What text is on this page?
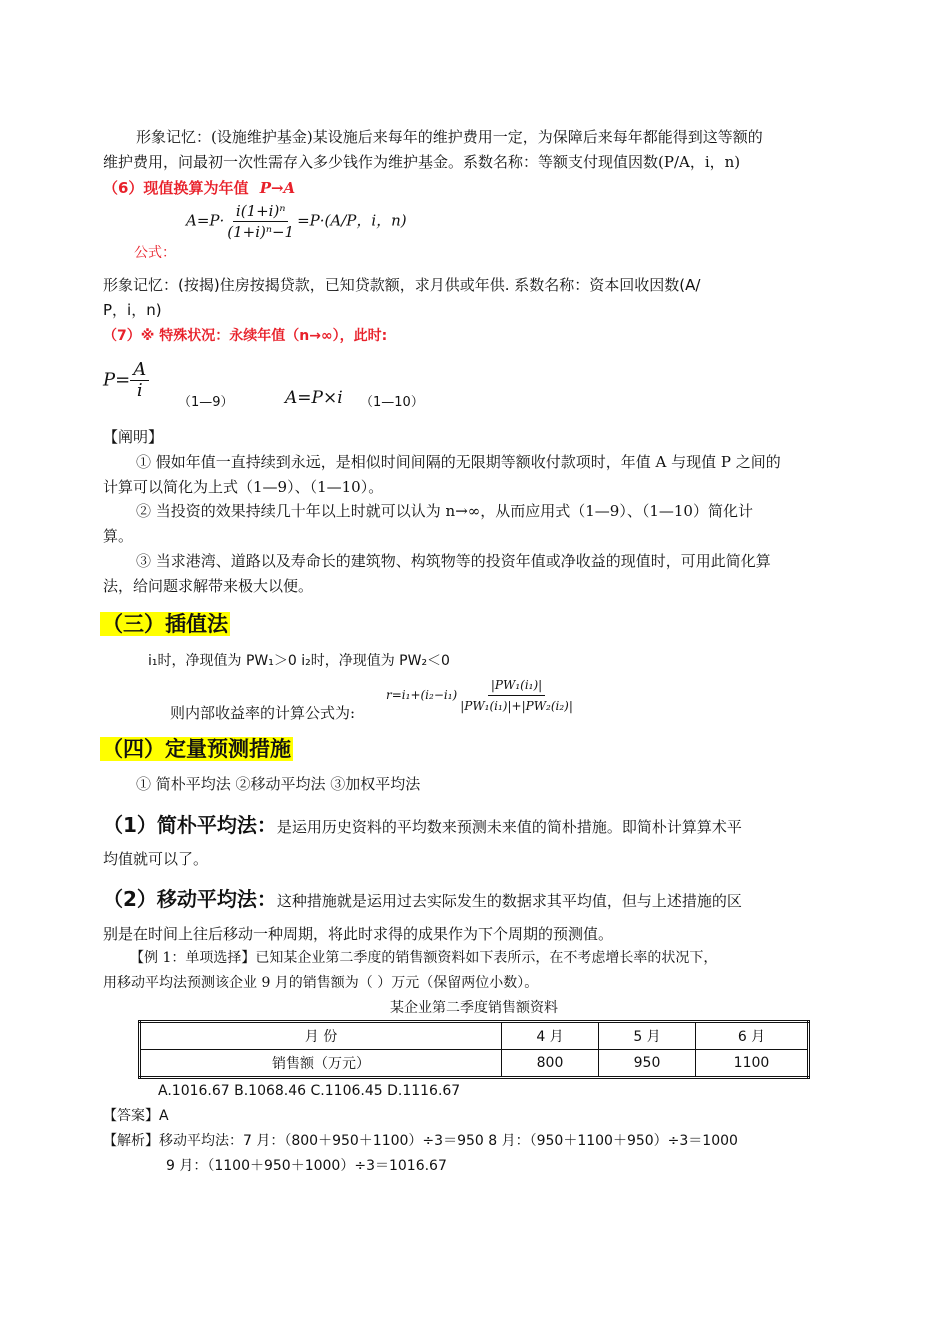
形象记忆：(设施维护基金)某设施后来每年的维护费用一定，为保障后来每年都能得到这等额的
维护费用，问最初一次性需存入多少钱作为维护基金。系数名称：等额支付现值因数(P/A，i，n)
（6）现值换算为年值 P→A
$A=P\cdot \frac{\text{i(1+i)ⁿ}}{\text{(1+i)ⁿ−1}} =P\cdot(A/P$，i，n)
公式：
形象记忆：(按揭)住房按揭贷款，已知贷款额，求月供或年供. 系数名称：资本回收因数(A/
P，i，n)
（7）※ 特殊状况：永续年值（n→∞），此时:
$P= \frac{A}{i}$
（1—9）	A=P×i （1—10）
【阐明】
① 假如年值一直持续到永远，是相似时间间隔的无限期等额收付款项时，年值 A 与现值 P 之间的
计算可以简化为上式（1—9）、（1—10）。
② 当投资的效果持续几十年以上时就可以认为 n→∞，从而应用式（1—9）、（1—10）简化计
算。
③ 当求港湾、道路以及寿命长的建筑物、构筑物等的投资年值或净收益的现值时，可用此简化算
法，给问题求解带来极大以便。
（三）插值法
i₁时，净现值为 PW₁＞0 i₂时，净现值为 PW₂＜0
则内部收益率的计算公式为:
$r=i_1+(i_2-i_1) \frac{\text{|PW₁(i₁)|}}{\text{|PW₁(i₁)|+|PW₂(i₂)|}}$
（四）定量预测措施
① 简朴平均法 ②移动平均法 ③加权平均法
（1）简朴平均法：是运用历史资料的平均数来预测未来值的简朴措施。即简朴计算算术平
均值就可以了。
（2）移动平均法：这种措施就是运用过去实际发生的数据求其平均值，但与上述措施的区
别是在时间上往后移动一种周期，将此时求得的成果作为下个周期的预测值。
【例 1：单项选择】已知某企业第二季度的销售额资料如下表所示，在不考虑增长率的状况下，
用移动平均法预测该企业 9 月的销售额为（ ）万元（保留两位小数）。
某企业第二季度销售额资料
月 份	4 月	5 月	6 月
销售额（万元）	800	950	1100
A.1016.67 B.1068.46 C.1106.45 D.1116.67
【答案】A
【解析】移动平均法：7 月：（800＋950＋1100）÷3＝950 8 月：（950＋1100＋950）÷3＝1000
9 月：（1100＋950＋1000）÷3＝1016.67
